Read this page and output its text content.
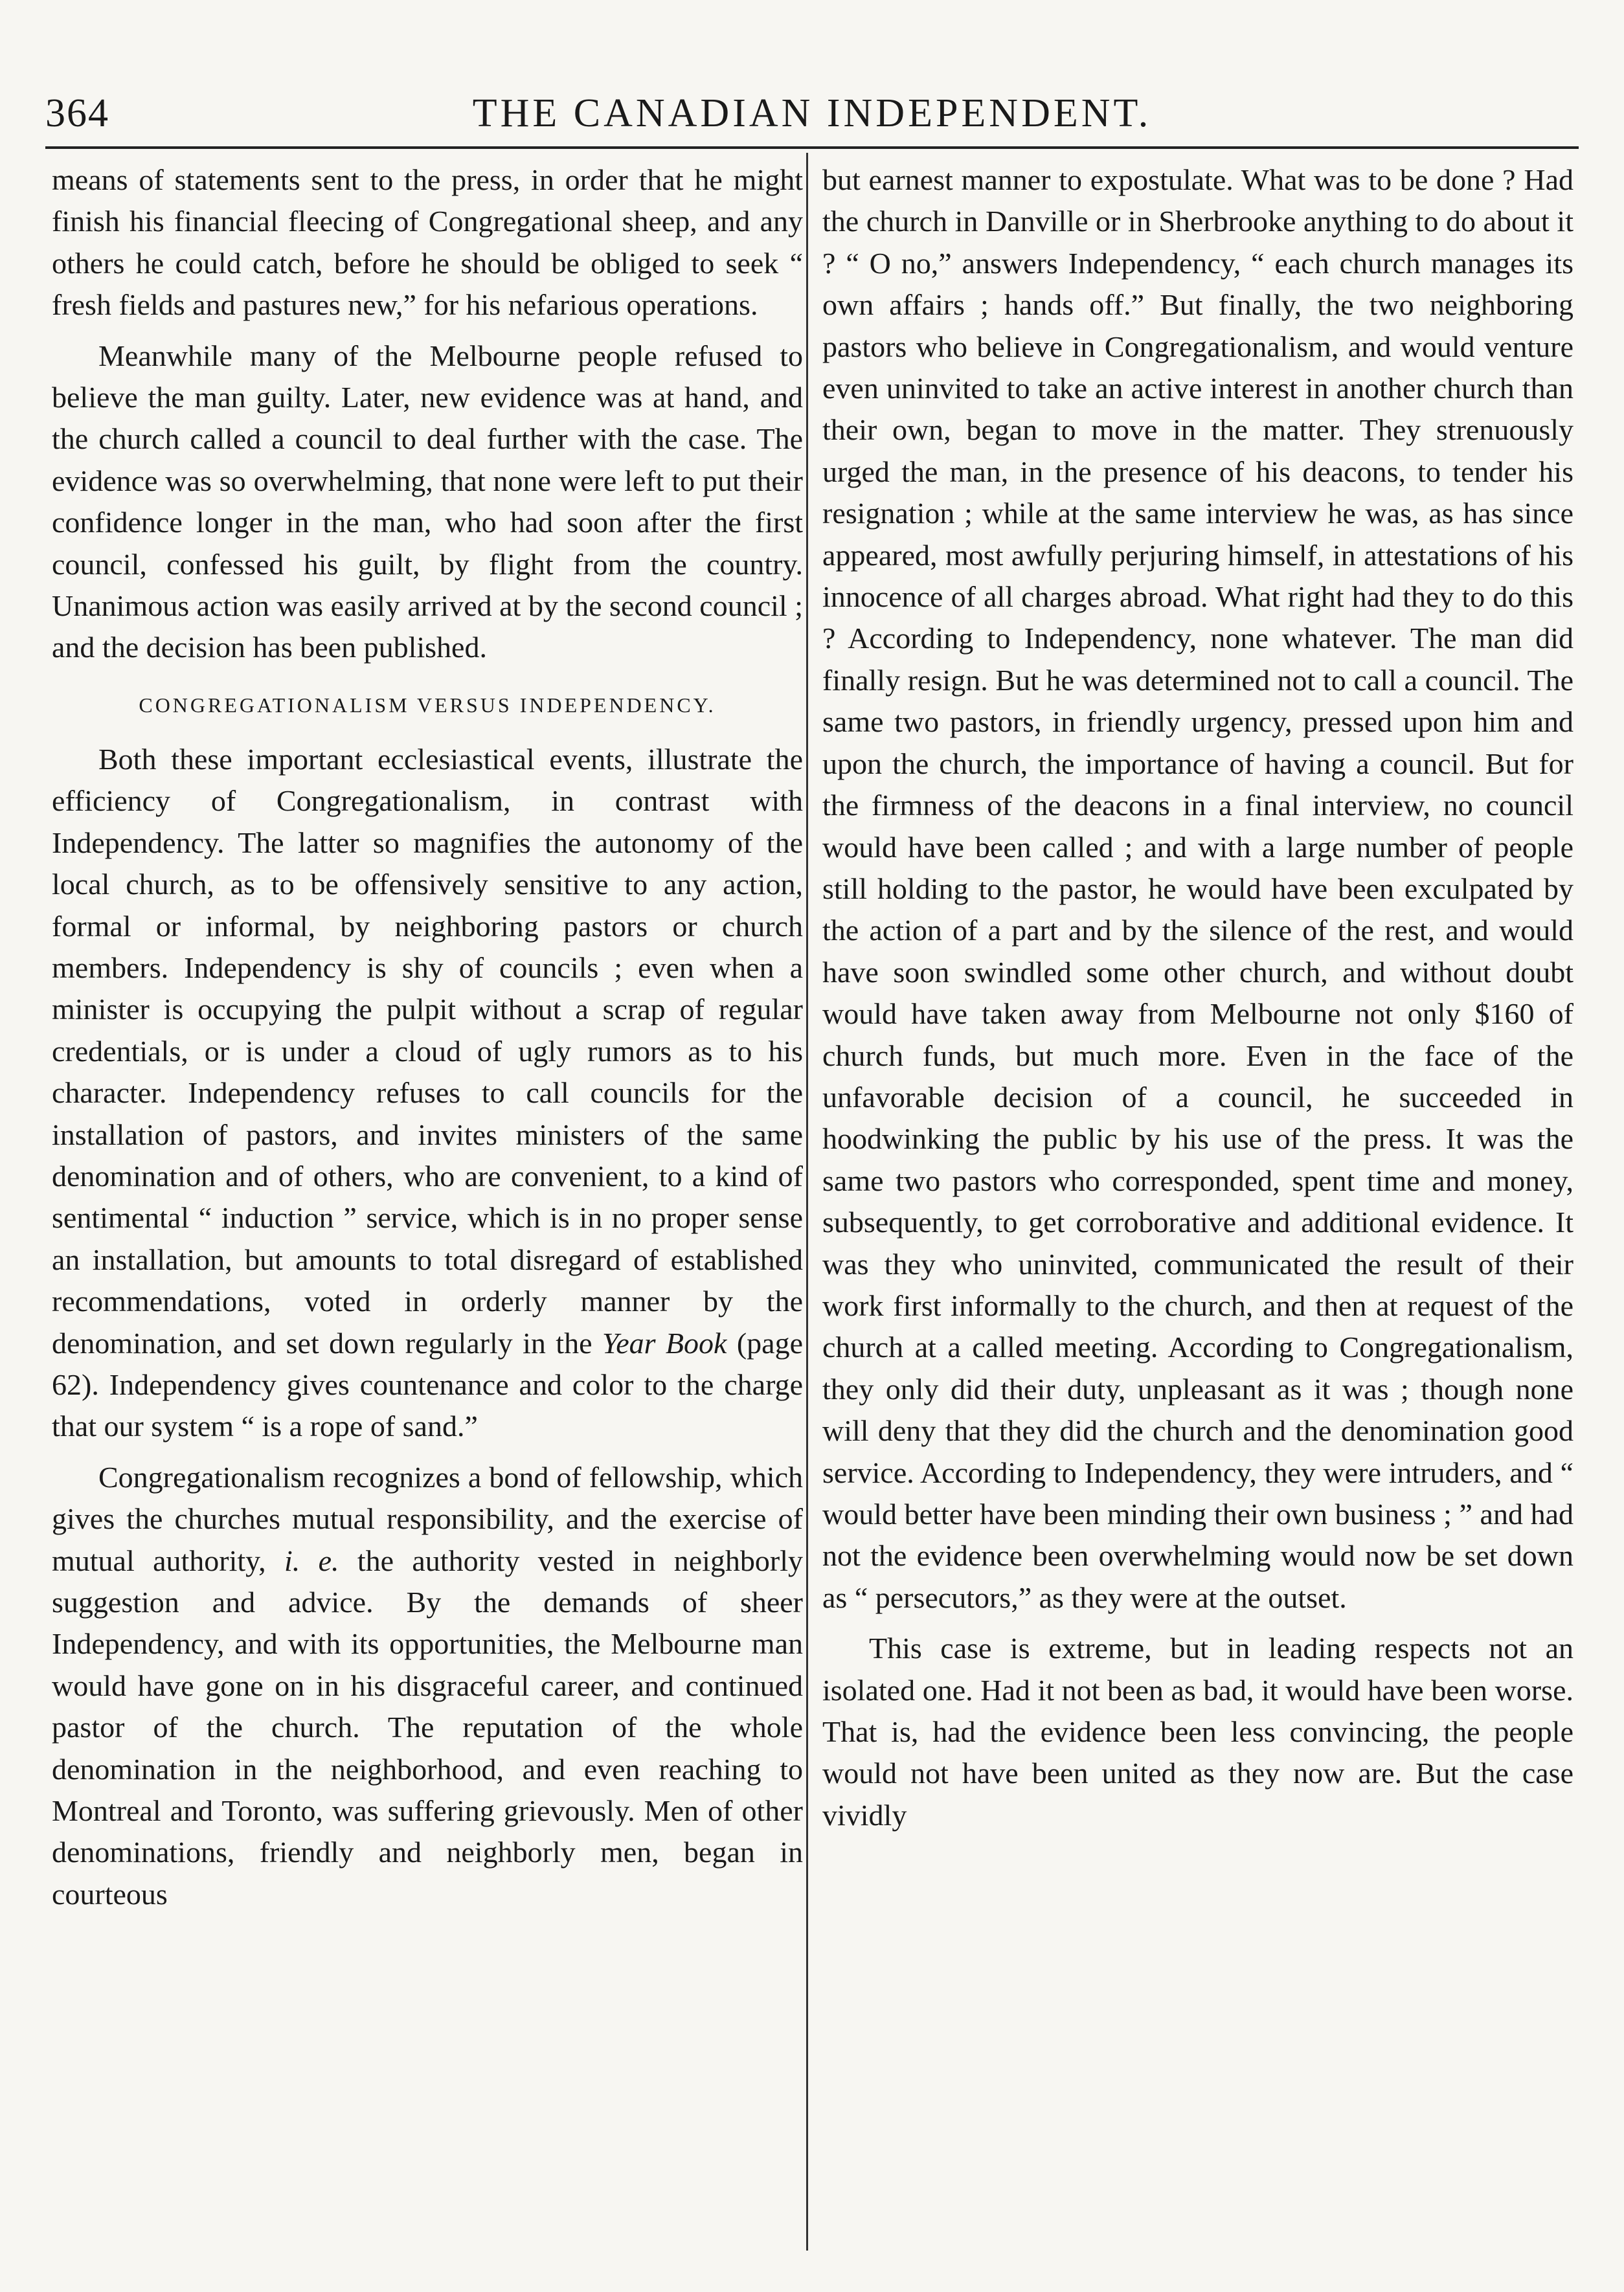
364	THE CANADIAN INDEPENDENT.

means of statements sent to the press, in order that he might finish his financial fleecing of Congregational sheep, and any others he could catch, before he should be obliged to seek “ fresh fields and pastures new,” for his nefarious operations.

Meanwhile many of the Melbourne people refused to believe the man guilty. Later, new evidence was at hand, and the church called a council to deal further with the case. The evidence was so overwhelming, that none were left to put their confidence longer in the man, who had soon after the first council, confessed his guilt, by flight from the country. Unanimous action was easily arrived at by the second council ; and the decision has been published.

CONGREGATIONALISM VERSUS INDEPENDENCY.

Both these important ecclesiastical events, illustrate the efficiency of Congregationalism, in contrast with Independency. The latter so magnifies the autonomy of the local church, as to be offensively sensitive to any action, formal or informal, by neighboring pastors or church members. Independency is shy of councils ; even when a minister is occupying the pulpit without a scrap of regular credentials, or is under a cloud of ugly rumors as to his character. Independency refuses to call councils for the installation of pastors, and invites ministers of the same denomination and of others, who are convenient, to a kind of sentimental “ induction ” service, which is in no proper sense an installation, but amounts to total disregard of established recommendations, voted in orderly manner by the denomination, and set down regularly in the Year Book (page 62). Independency gives countenance and color to the charge that our system “ is a rope of sand.”

Congregationalism recognizes a bond of fellowship, which gives the churches mutual responsibility, and the exercise of mutual authority, i. e. the authority vested in neighborly suggestion and advice. By the demands of sheer Independency, and with its opportunities, the Melbourne man would have gone on in his disgraceful career, and continued pastor of the church. The reputation of the whole denomination in the neighborhood, and even reaching to Montreal and Toronto, was suffering grievously. Men of other denominations, friendly and neighborly men, began in courteous

but earnest manner to expostulate. What was to be done ? Had the church in Danville or in Sherbrooke anything to do about it ? “ O no,” answers Independency, “ each church manages its own affairs ; hands off.” But finally, the two neighboring pastors who believe in Congregationalism, and would venture even uninvited to take an active interest in another church than their own, began to move in the matter. They strenuously urged the man, in the presence of his deacons, to tender his resignation ; while at the same interview he was, as has since appeared, most awfully perjuring himself, in attestations of his innocence of all charges abroad. What right had they to do this ? According to Independency, none whatever. The man did finally resign. But he was determined not to call a council. The same two pastors, in friendly urgency, pressed upon him and upon the church, the importance of having a council. But for the firmness of the deacons in a final interview, no council would have been called ; and with a large number of people still holding to the pastor, he would have been exculpated by the action of a part and by the silence of the rest, and would have soon swindled some other church, and without doubt would have taken away from Melbourne not only $160 of church funds, but much more. Even in the face of the unfavorable decision of a council, he succeeded in hoodwinking the public by his use of the press. It was the same two pastors who corresponded, spent time and money, subsequently, to get corroborative and additional evidence. It was they who uninvited, communicated the result of their work first informally to the church, and then at request of the church at a called meeting. According to Congregationalism, they only did their duty, unpleasant as it was ; though none will deny that they did the church and the denomination good service. According to Independency, they were intruders, and “ would better have been minding their own business ; ” and had not the evidence been overwhelming would now be set down as “ persecutors,” as they were at the outset.

This case is extreme, but in leading respects not an isolated one. Had it not been as bad, it would have been worse. That is, had the evidence been less convincing, the people would not have been united as they now are. But the case vividly
